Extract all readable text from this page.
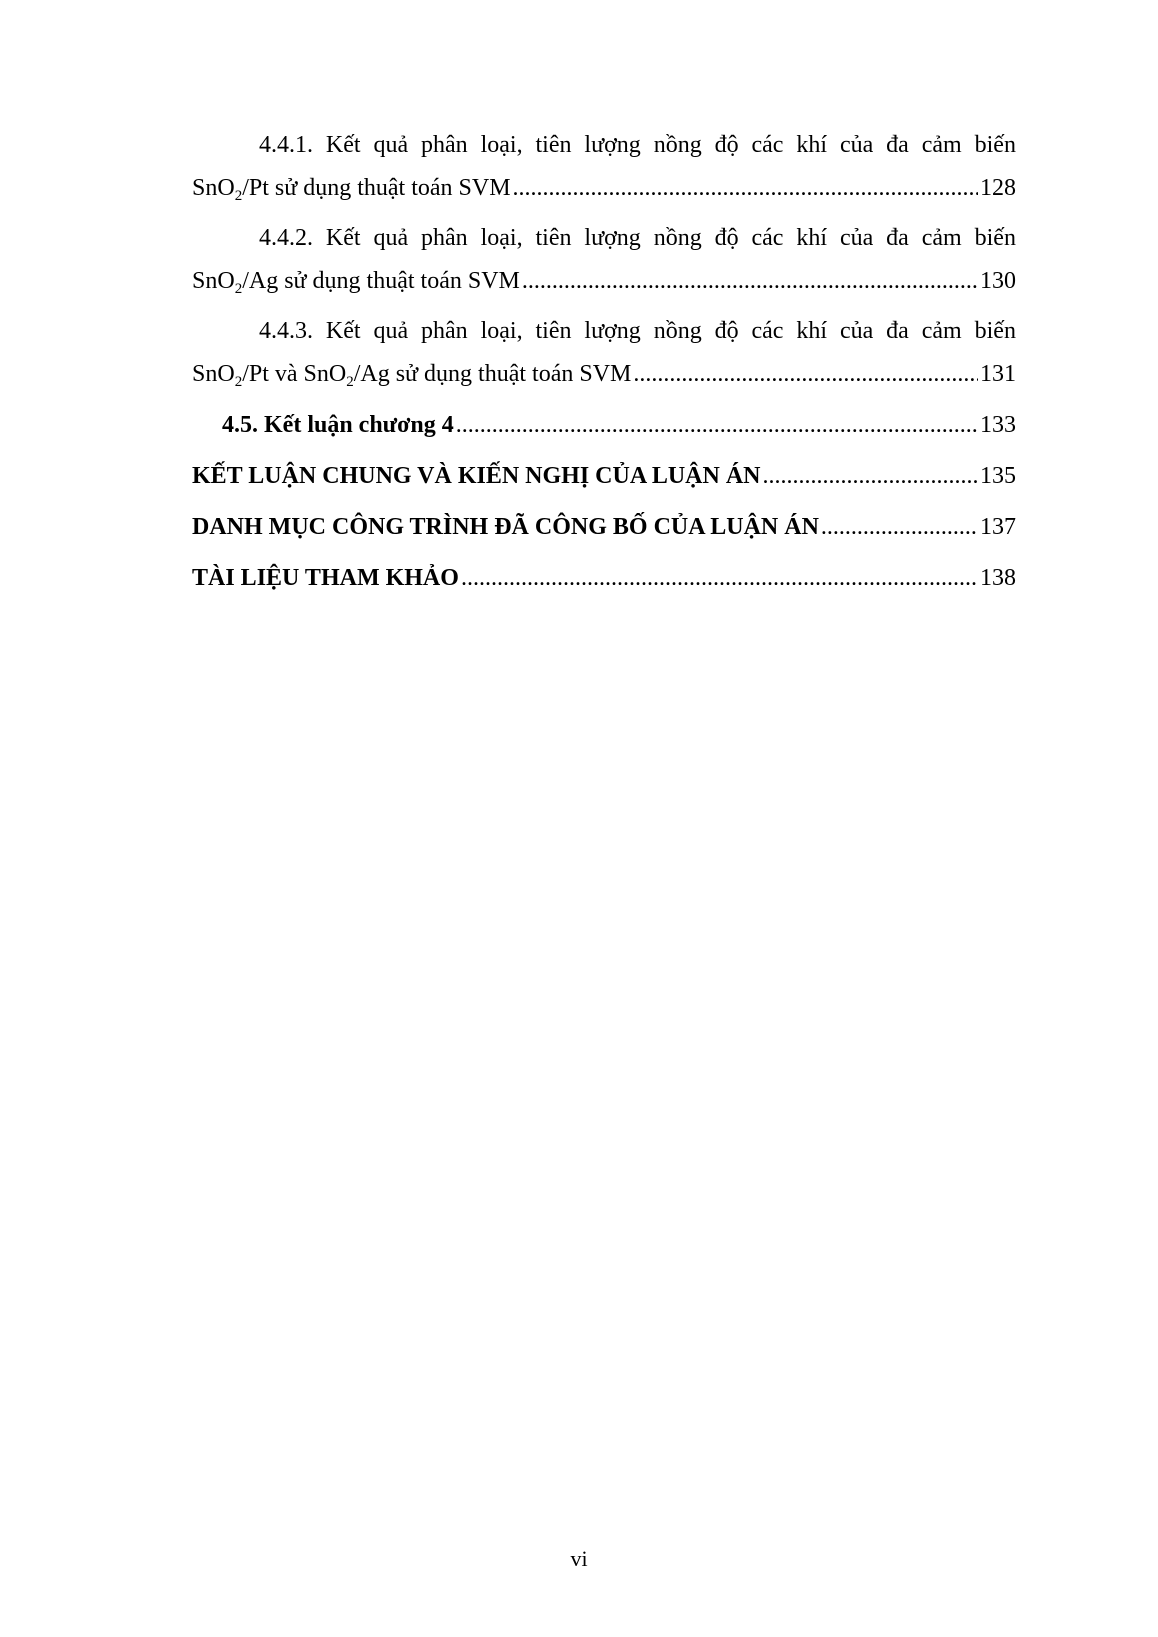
4.4.1. Kết quả phân loại, tiên lượng nồng độ các khí của đa cảm biến
SnO$_2$/Pt sử dụng thuật toán SVM .....	128
4.4.2. Kết quả phân loại, tiên lượng nồng độ các khí của đa cảm biến
SnO$_2$/Ag sử dụng thuật toán SVM .....	130
4.4.3. Kết quả phân loại, tiên lượng nồng độ các khí của đa cảm biến
SnO$_2$/Pt và SnO$_2$/Ag sử dụng thuật toán SVM .....	131
4.5. Kết luận chương 4 .....	133
KẾT LUẬN CHUNG VÀ KIẾN NGHỊ CỦA LUẬN ÁN .....	135
DANH MỤC CÔNG TRÌNH ĐÃ CÔNG BỐ CỦA LUẬN ÁN .....	137
TÀI LIỆU THAM KHẢO .....	138
vi
